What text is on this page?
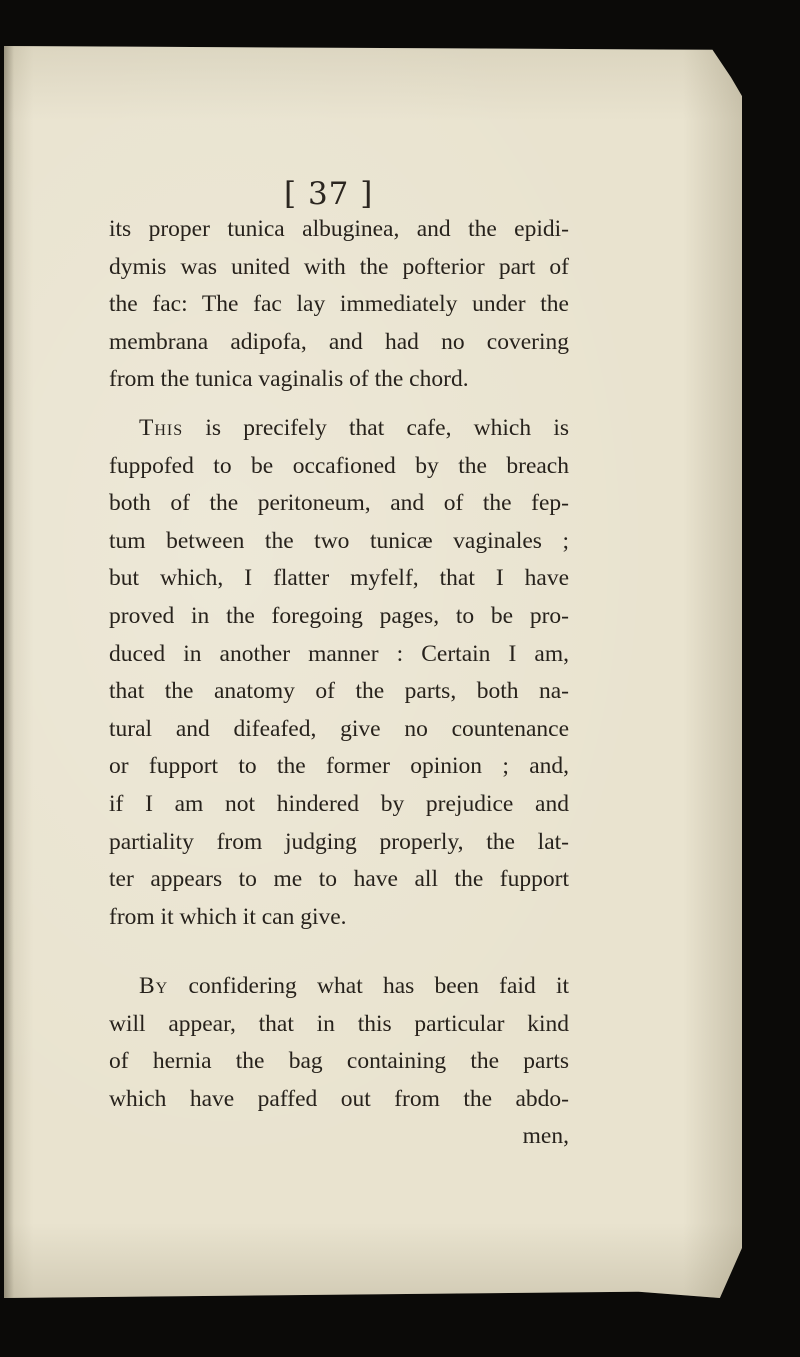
[ 37 ]
its proper tunica albuginea, and the epidi-
dymis was united with the pofterior part of
the fac: The fac lay immediately under the
membrana adipofa, and had no covering
from the tunica vaginalis of the chord.
This is precifely that cafe, which is
fuppofed to be occafioned by the breach
both of the peritoneum, and of the fep-
tum between the two tunicæ vaginales ;
but which, I flatter myfelf, that I have
proved in the foregoing pages, to be pro-
duced in another manner : Certain I am,
that the anatomy of the parts, both na-
tural and difeafed, give no countenance
or fupport to the former opinion ; and,
if I am not hindered by prejudice and
partiality from judging properly, the lat-
ter appears to me to have all the fupport
from it which it can give.
By confidering what has been faid it
will appear, that in this particular kind
of hernia the bag containing the parts
which have paffed out from the abdo-
men,
